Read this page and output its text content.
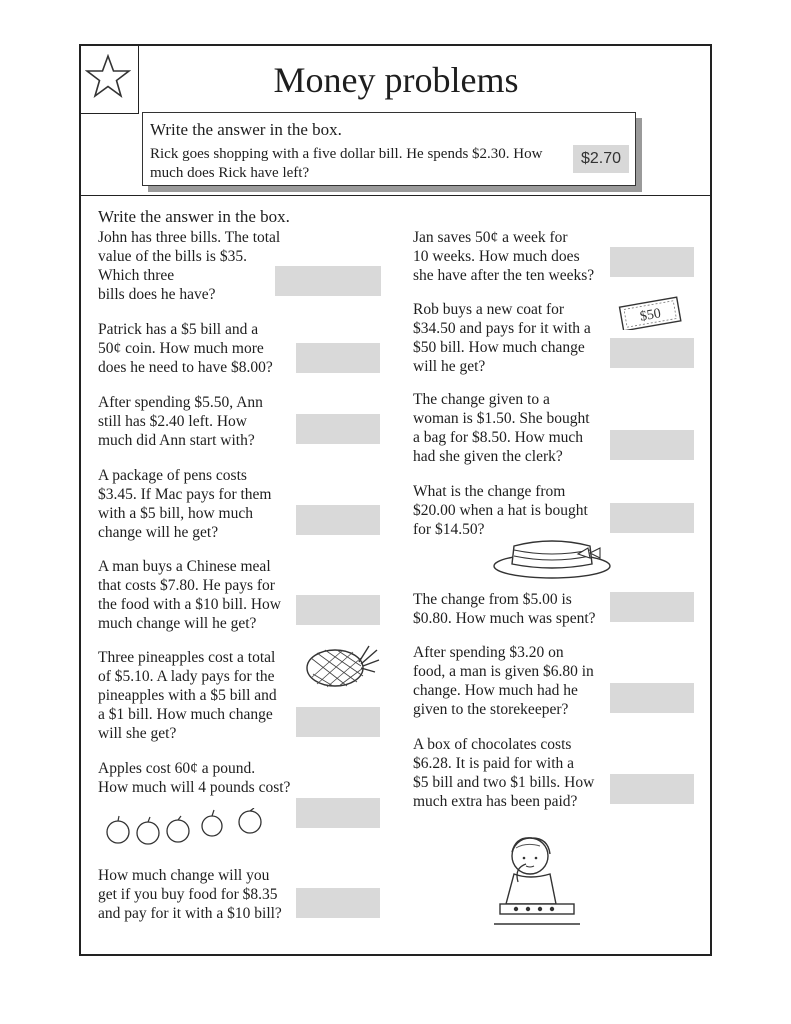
Money problems
Write the answer in the box.
Rick goes shopping with a five dollar bill. He spends $2.30. How much does Rick have left?
$2.70
Write the answer in the box.
John has three bills. The total
value of the bills is $35.
Which three
bills does he have?
Patrick has a $5 bill and a
50¢ coin. How much more
does he need to have $8.00?
After spending $5.50, Ann
still has $2.40 left. How
much did Ann start with?
A package of pens costs
$3.45. If Mac pays for them
with a $5 bill, how much
change will he get?
A man buys a Chinese meal
that costs $7.80. He pays for
the food with a $10 bill. How
much change will he get?
Three pineapples cost a total
of $5.10. A lady pays for the
pineapples with a $5 bill and
a $1 bill. How much change
will she get?
Apples cost 60¢ a pound.
How much will 4 pounds cost?
How much change will you
get if you buy food for $8.35
and pay for it with a $10 bill?
Jan saves 50¢ a week for
10 weeks. How much does
she have after the ten weeks?
Rob buys a new coat for
$34.50 and pays for it with a
$50 bill. How much change
will he get?
The change given to a
woman is $1.50. She bought
a bag for $8.50. How much
had she given the clerk?
What is the change from
$20.00 when a hat is bought
for $14.50?
The change from $5.00 is
$0.80. How much was spent?
After spending $3.20 on
food, a man is given $6.80 in
change. How much had he
given to the storekeeper?
A box of chocolates costs
$6.28. It is paid for with a
$5 bill and two $1 bills. How
much extra has been paid?
$50
